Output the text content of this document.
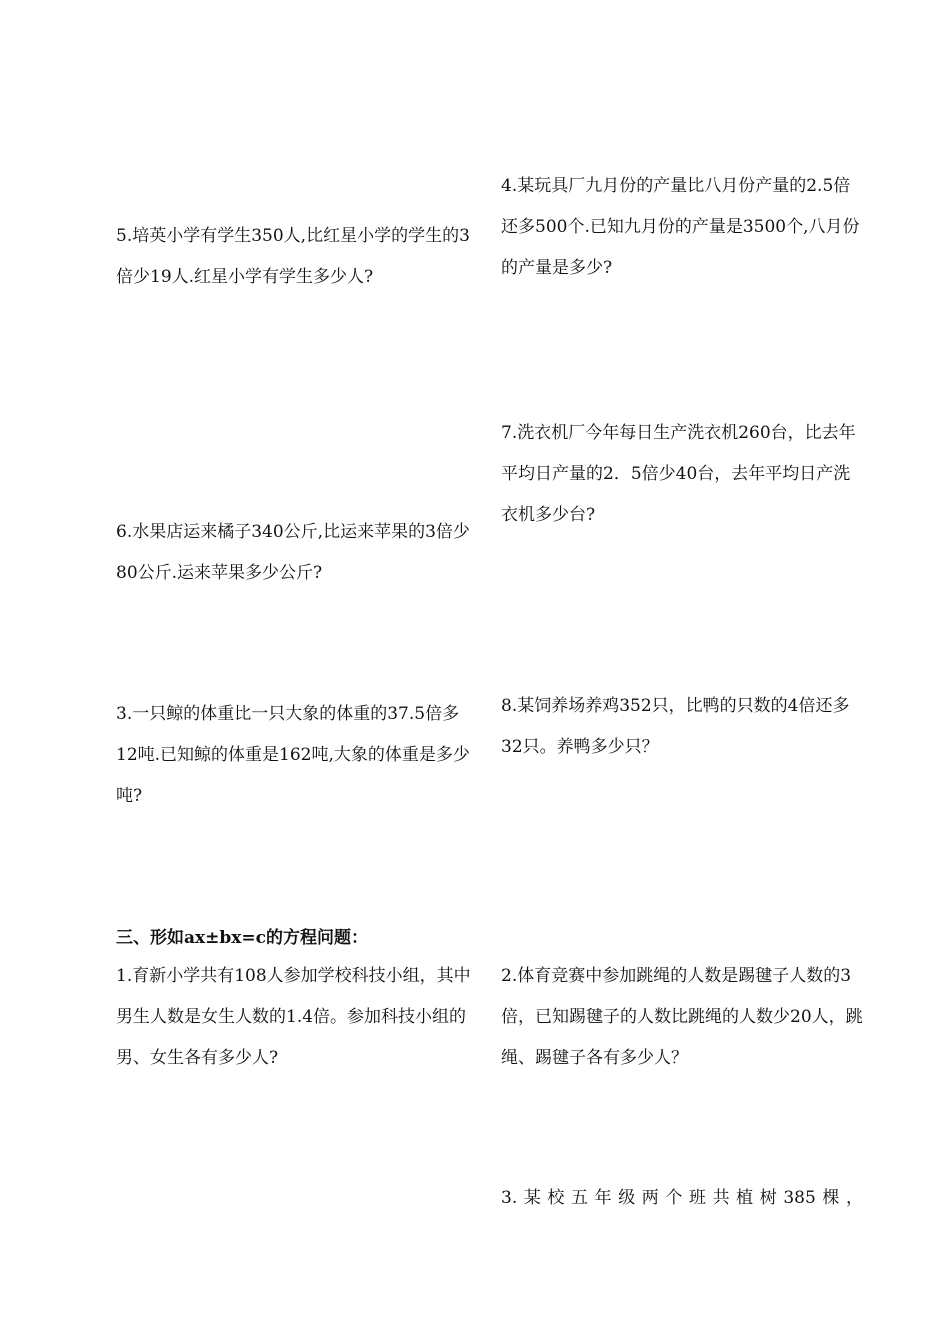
4.某玩具厂九月份的产量比八月份产量的2.5倍还多500个.已知九月份的产量是3500个,八月份的产量是多少?

5.培英小学有学生350人,比红星小学的学生的3倍少19人.红星小学有学生多少人?

7.洗衣机厂今年每日生产洗衣机260台，比去年平均日产量的2．5倍少40台，去年平均日产洗衣机多少台?

6.水果店运来橘子340公斤,比运来苹果的3倍少80公斤.运来苹果多少公斤?

3.一只鲸的体重比一只大象的体重的37.5倍多12吨.已知鲸的体重是162吨,大象的体重是多少吨?

8.某饲养场养鸡352只，比鸭的只数的4倍还多32只。养鸭多少只？

三、形如ax±bx=c的方程问题：

1.育新小学共有108人参加学校科技小组，其中男生人数是女生人数的1.4倍。参加科技小组的男、女生各有多少人?

2.体育竞赛中参加跳绳的人数是踢毽子人数的3倍，已知踢毽子的人数比跳绳的人数少20人，跳绳、踢毽子各有多少人？

3.某校五年级两个班共植树385棵，
